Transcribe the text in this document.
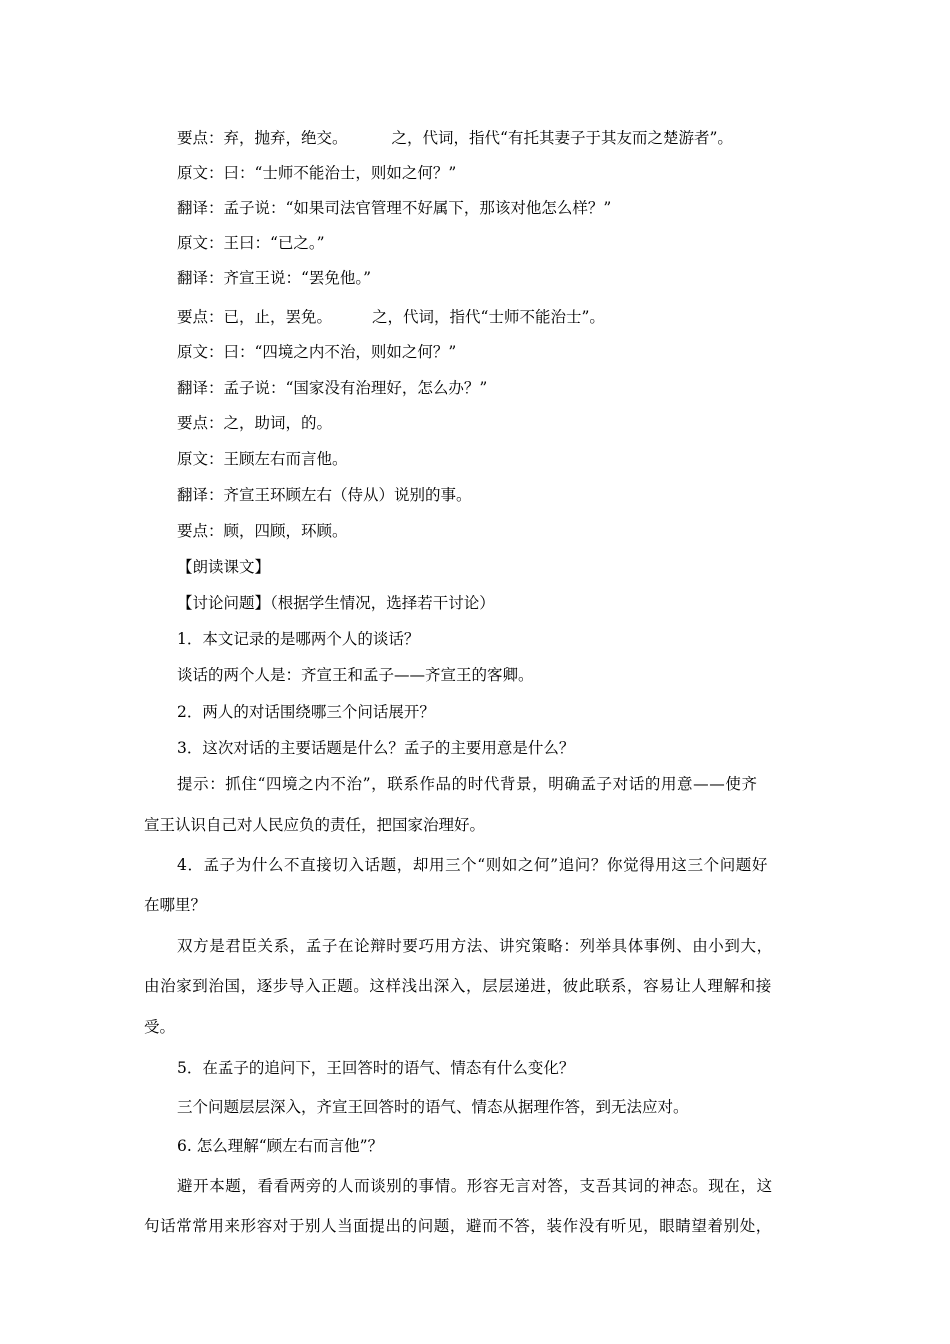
要点：弃，抛弃，绝交。	之，代词，指代“有托其妻子于其友而之楚游者”。
原文：曰：“士师不能治士，则如之何？”
翻译：孟子说：“如果司法官管理不好属下，那该对他怎么样？”
原文：王曰：“已之。”
翻译：齐宣王说：“罢免他。”
要点：已，止，罢免。	之，代词，指代“士师不能治士”。
原文：曰：“四境之内不治，则如之何？”
翻译：孟子说：“国家没有治理好，怎么办？”
要点：之，助词，的。
原文：王顾左右而言他。
翻译：齐宣王环顾左右（侍从）说别的事。
要点：顾，四顾，环顾。
【朗读课文】
【讨论问题】（根据学生情况，选择若干讨论）
1．本文记录的是哪两个人的谈话？
谈话的两个人是：齐宣王和孟子——齐宣王的客卿。
2．两人的对话围绕哪三个问话展开？
3．这次对话的主要话题是什么？孟子的主要用意是什么？
提示：抓住“四境之内不治”，联系作品的时代背景，明确孟子对话的用意——使齐
宣王认识自己对人民应负的责任，把国家治理好。
4．孟子为什么不直接切入话题，却用三个“则如之何”追问？你觉得用这三个问题好
在哪里？
双方是君臣关系，孟子在论辩时要巧用方法、讲究策略：列举具体事例、由小到大，
由治家到治国，逐步导入正题。这样浅出深入，层层递进，彼此联系，容易让人理解和接
受。
5．在孟子的追问下，王回答时的语气、情态有什么变化？
三个问题层层深入，齐宣王回答时的语气、情态从据理作答，到无法应对。
6. 怎么理解“顾左右而言他”？
避开本题，看看两旁的人而谈别的事情。形容无言对答，支吾其词的神态。现在，这
句话常常用来形容对于别人当面提出的问题，避而不答，装作没有听见，眼睛望着别处，
